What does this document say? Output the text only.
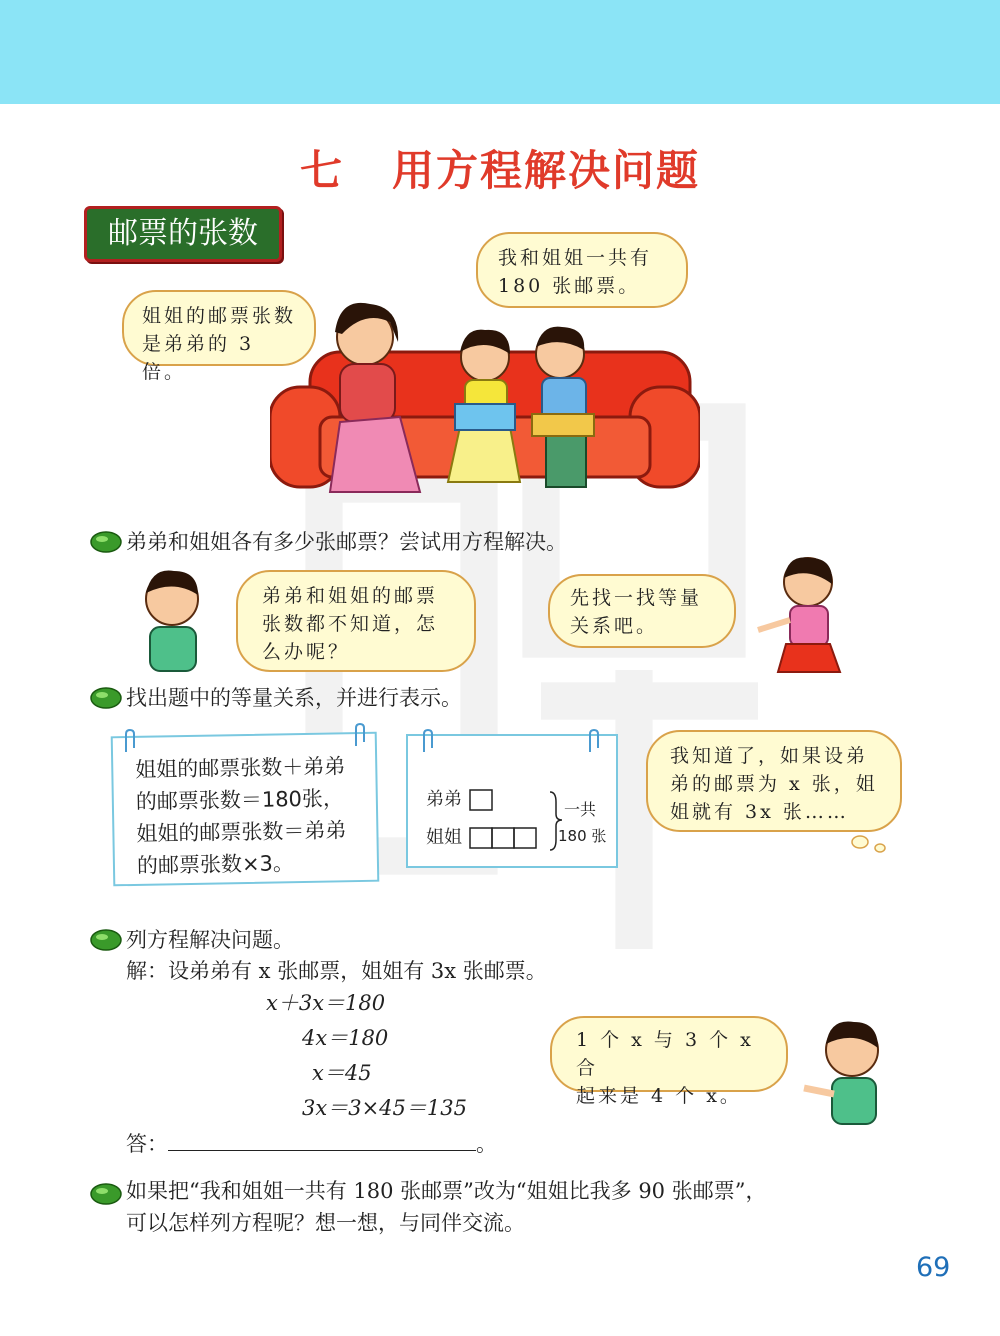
七 用方程解决问题
邮票的张数

姐姐的邮票张数

是弟弟的 3 倍。

我和姐姐一共有

180 张邮票。

弟弟和姐姐各有多少张邮票？尝试用方程解决。

弟弟和姐姐的邮票

张数都不知道，怎

么办呢？

先找一找等量

关系吧。

找出题中的等量关系，并进行表示。
姐姐的邮票张数＋弟弟
的邮票张数＝180张，
姐姐的邮票张数＝弟弟
的邮票张数×3。
弟弟
姐姐
一共
180 张

我知道了，如果设弟

弟的邮票为 x 张，姐

姐就有 3x 张……

列方程解决问题。
解：设弟弟有 x 张邮票，姐姐有 3x 张邮票。
x＋3x＝180
4x＝180
x＝45
3x＝3×45＝135
答：	。

1 个 x 与 3 个 x 合

起来是 4 个 x。

如果把“我和姐姐一共有 180 张邮票”改为“姐姐比我多 90 张邮票”，
可以怎样列方程呢？想一想，与同伴交流。
69
